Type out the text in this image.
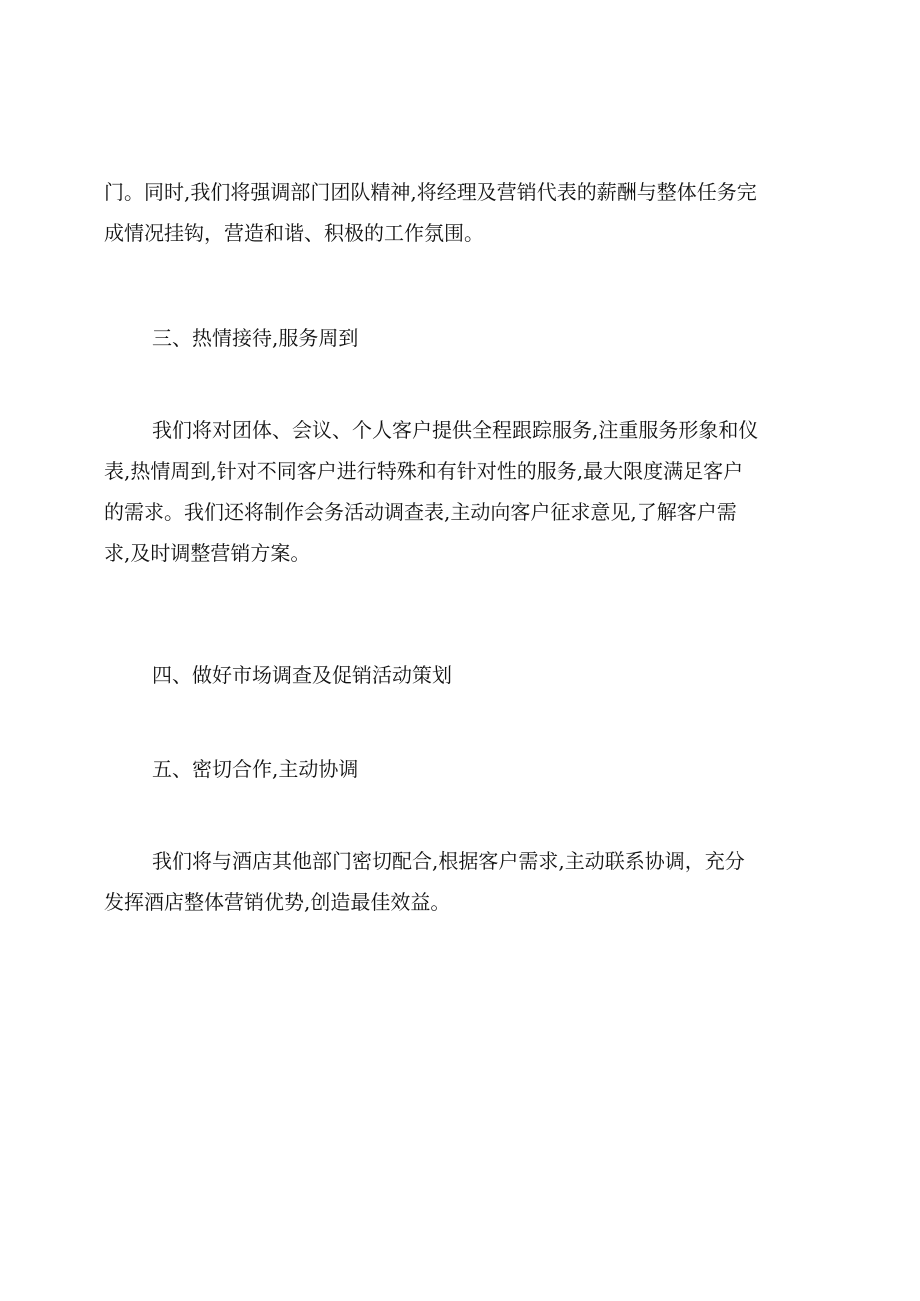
门。同时,我们将强调部门团队精神,将经理及营销代表的薪酬与整体任务完
成情况挂钩，营造和谐、积极的工作氛围。
三、热情接待,服务周到
我们将对团体、会议、个人客户提供全程跟踪服务,注重服务形象和仪
表,热情周到,针对不同客户进行特殊和有针对性的服务,最大限度满足客户
的需求。我们还将制作会务活动调查表,主动向客户征求意见,了解客户需
求,及时调整营销方案。
四、做好市场调查及促销活动策划
五、密切合作,主动协调
我们将与酒店其他部门密切配合,根据客户需求,主动联系协调，充分
发挥酒店整体营销优势,创造最佳效益。
